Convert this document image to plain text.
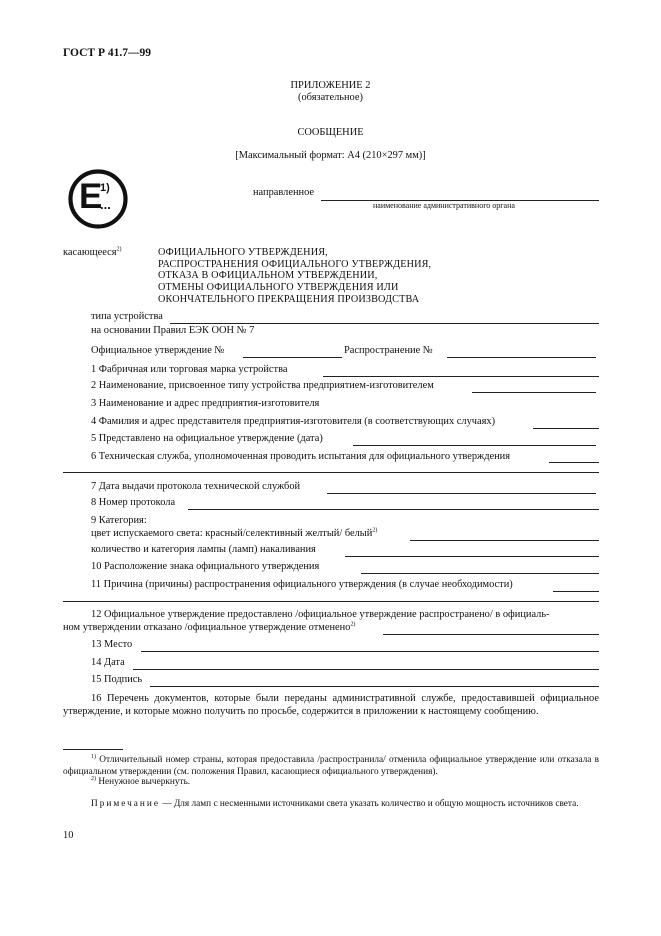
ГОСТ Р 41.7—99
ПРИЛОЖЕНИЕ 2
(обязательное)
СООБЩЕНИЕ
[Максимальный формат: А4 (210×297 мм)]
E
1)
...
направленное
наименование административного органа
касающееся$^{2)}$	ОФИЦИАЛЬНОГО УТВЕРЖДЕНИЯ,
РАСПРОСТРАНЕНИЯ ОФИЦИАЛЬНОГО УТВЕРЖДЕНИЯ,
ОТКАЗА В ОФИЦИАЛЬНОМ УТВЕРЖДЕНИИ,
ОТМЕНЫ ОФИЦИАЛЬНОГО УТВЕРЖДЕНИЯ ИЛИ
ОКОНЧАТЕЛЬНОГО ПРЕКРАЩЕНИЯ ПРОИЗВОДСТВА
типа устройства
на основании Правил ЕЭК ООН № 7
Официальное утверждение №	Распространение №
1 Фабричная или торговая марка устройства
2 Наименование, присвоенное типу устройства предприятием-изготовителем
3 Наименование и адрес предприятия-изготовителя
4 Фамилия и адрес представителя предприятия-изготовителя (в соответствующих случаях)
5 Представлено на официальное утверждение (дата)
6 Техническая служба, уполномоченная проводить испытания для официального утверждения
7 Дата выдачи протокола технической службой
8 Номер протокола
9 Категория:
цвет испускаемого света: красный/селективный желтый/ белый$^{2)}$
количество и категория лампы (ламп) накаливания
10 Расположение знака официального утверждения
11 Причина (причины) распространения официального утверждения (в случае необходимости)
12 Официальное утверждение предоставлено /официальное утверждение распространено/ в официаль-
ном утверждении отказано /официальное утверждение отменено$^{2)}$
13 Место
14 Дата
15 Подпись
16 Перечень документов, которые были переданы административной службе, предоставившей официальное утверждение, и которые можно получить по просьбе, содержится в приложении к настоящему сообщению.
$^{1)}$ Отличительный номер страны, которая предоставила /распространила/ отменила официальное утверждение или отказала в официальном утверждении (см. положения Правил, касающиеся официального утверждения).
$^{2)}$ Ненужное вычеркнуть.
Примечание — Для ламп с несменными источниками света указать количество и общую мощность источников света.
10
